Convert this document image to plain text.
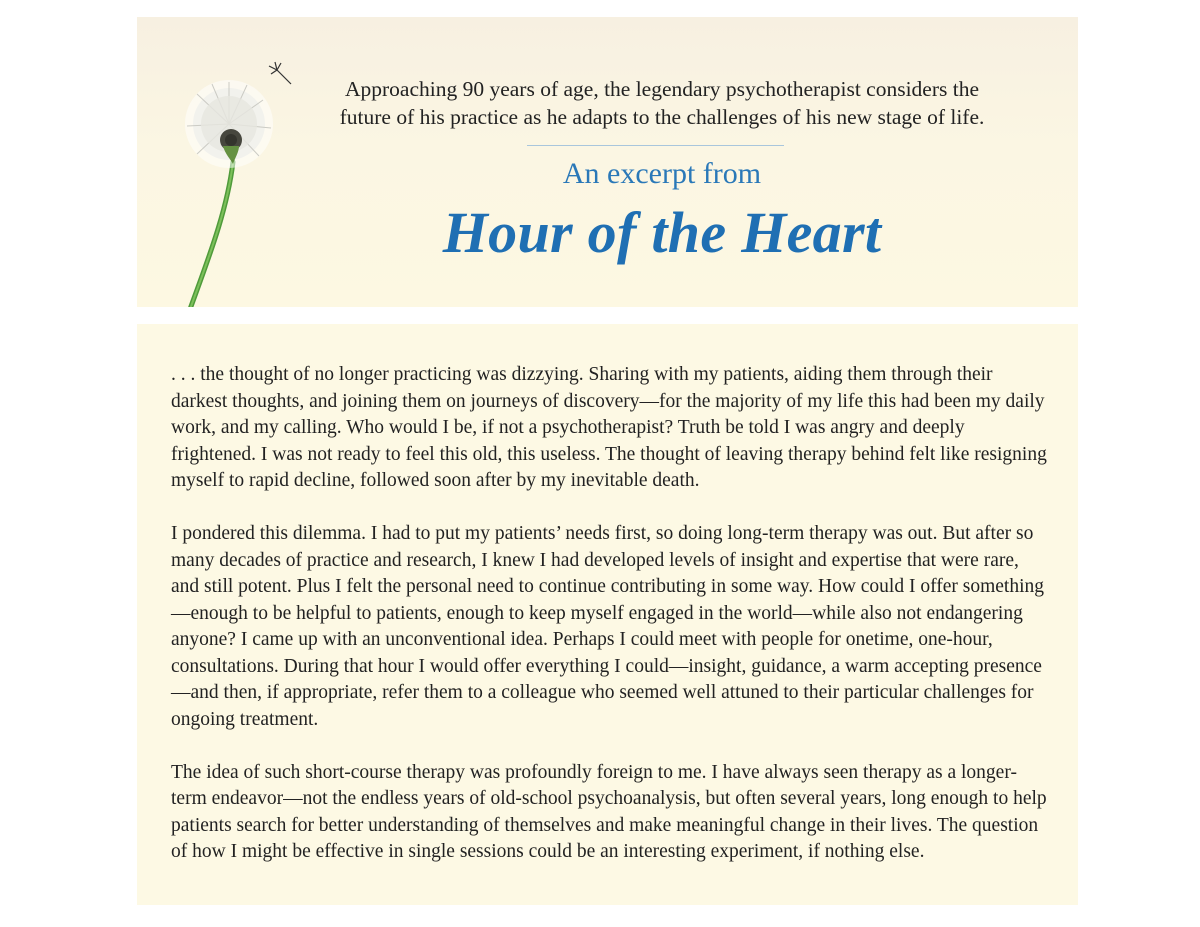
Approaching 90 years of age, the legendary psychotherapist considers the
future of his practice as he adapts to the challenges of his new stage of life.

An excerpt from

Hour of the Heart

. . . the thought of no longer practicing was dizzying. Sharing with my patients, aiding them through their darkest thoughts, and joining them on journeys of discovery—for the majority of my life this had been my daily work, and my calling. Who would I be, if not a psychotherapist? Truth be told I was angry and deeply frightened. I was not ready to feel this old, this useless. The thought of leaving therapy behind felt like resigning myself to rapid decline, followed soon after by my inevitable death.

I pondered this dilemma. I had to put my patients’ needs first, so doing long-term therapy was out. But after so many decades of practice and research, I knew I had developed levels of insight and expertise that were rare, and still potent. Plus I felt the personal need to continue contributing in some way. How could I offer something—enough to be helpful to patients, enough to keep myself engaged in the world—while also not endangering anyone? I came up with an unconventional idea. Perhaps I could meet with people for onetime, one-hour, consultations. During that hour I would offer everything I could—insight, guidance, a warm accepting presence—and then, if appropriate, refer them to a colleague who seemed well attuned to their particular challenges for ongoing treatment.

The idea of such short-course therapy was profoundly foreign to me. I have always seen therapy as a longer-term endeavor—not the endless years of old-school psychoanalysis, but often several years, long enough to help patients search for better understanding of themselves and make meaningful change in their lives. The question of how I might be effective in single sessions could be an interesting experiment, if nothing else.
